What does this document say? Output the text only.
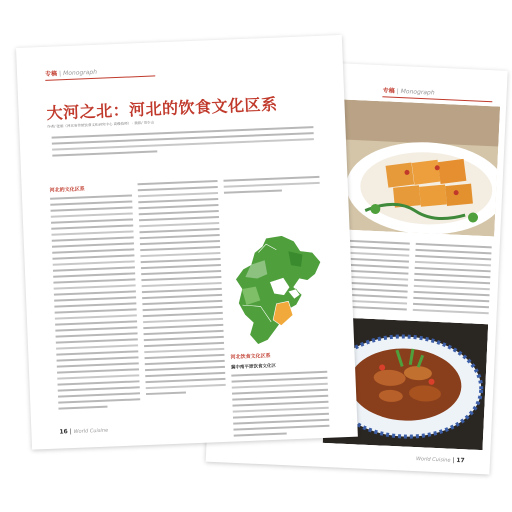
专稿 | Monograph
World Cuisine | 17
专稿 | Monograph
大河之北：河北的饮食文化区系
作者/ 张丽（河北省传统饮食文化研究中心 高级技师） · 摄影/ 刘少山
河北的文化区系
河北饮食文化区系
冀中南平原饮食文化区
16 | World Cuisine
